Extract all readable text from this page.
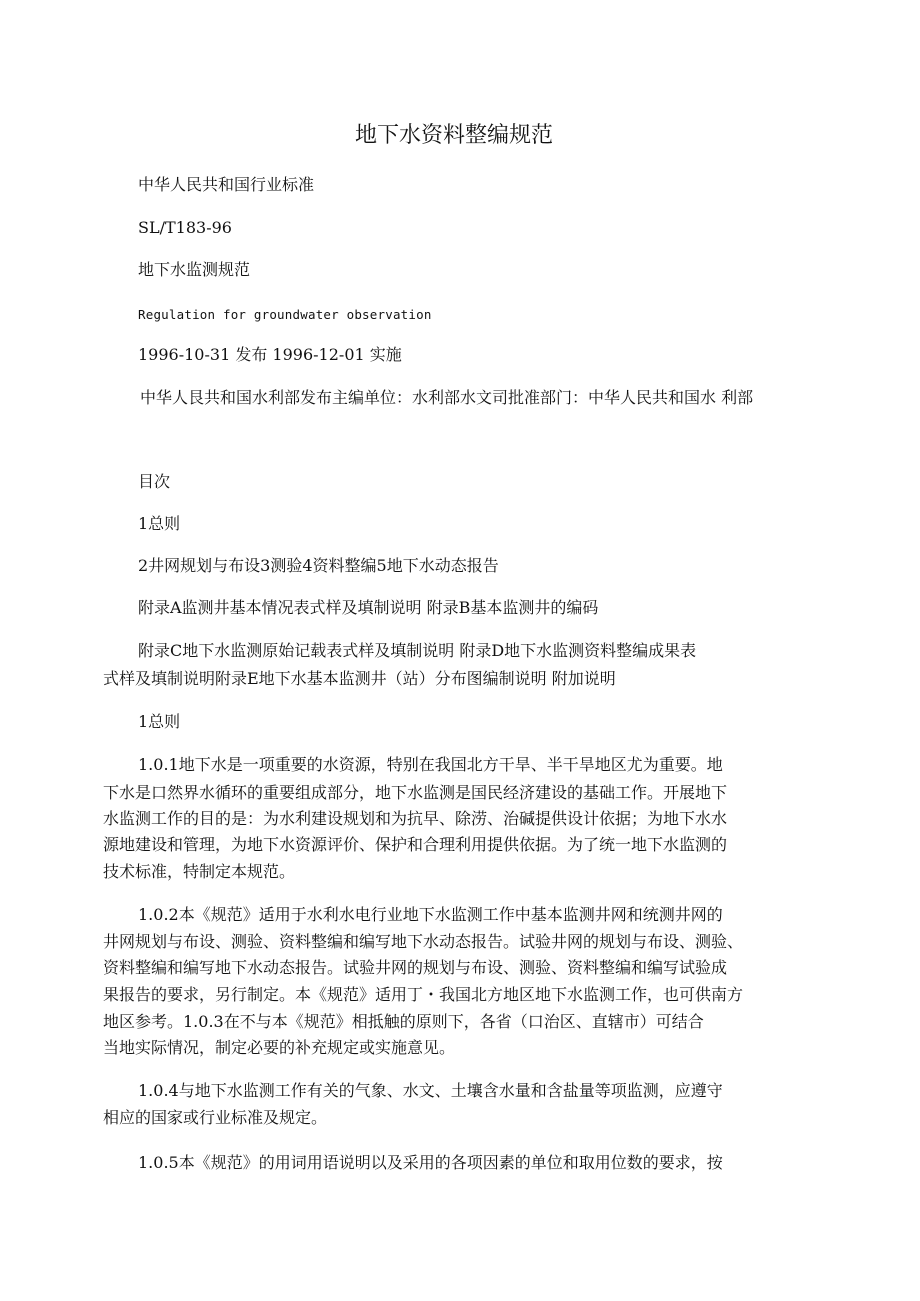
地下水资料整编规范
中华人民共和国行业标准
SL/T183-96
地下水监测规范
Regulation for groundwater observation
1996-10-31 发布 1996-12-01 实施
中华人艮共和国水利部发布主编单位：水利部水文司批准部门：中华人民共和国水 利部
目次
1总则
2井网规划与布设3测验4资料整编5地下水动态报告
附录A监测井基本情况表式样及填制说明 附录B基本监测井的编码
附录C地下水监测原始记载表式样及填制说明 附录D地下水监测资料整编成果表
式样及填制说明附录E地下水基本监测井（站）分布图编制说明 附加说明
1总则
1.0.1地下水是一项重要的水资源，特别在我国北方干旱、半干旱地区尤为重要。地
下水是口然界水循环的重要组成部分，地下水监测是国民经济建设的基础工作。开展地下
水监测工作的目的是：为水利建设规划和为抗早、除涝、治碱提供设计依据；为地下水水
源地建设和管理，为地下水资源评价、保护和合理利用提供依据。为了统一地下水监测的
技术标准，特制定本规范。
1.0.2本《规范》适用于水利水电行业地下水监测工作中基本监测井网和统测井网的
井网规划与布设、测验、资料整编和编写地下水动态报告。试验井网的规划与布设、测验、
资料整编和编写地下水动态报告。试验井网的规划与布设、测验、资料整编和编写试验成
果报告的要求，另行制定。本《规范》适用丁・我国北方地区地下水监测工作，也可供南方
地区参考。1.0.3在不与本《规范》相抵触的原则下，各省（口治区、直辖市）可结合
当地实际情况，制定必要的补充规定或实施意见。
1.0.4与地下水监测工作有关的气象、水文、土壤含水量和含盐量等项监测，应遵守
相应的国家或行业标准及规定。
1.0.5本《规范》的用词用语说明以及采用的各项因素的单位和取用位数的要求，按
